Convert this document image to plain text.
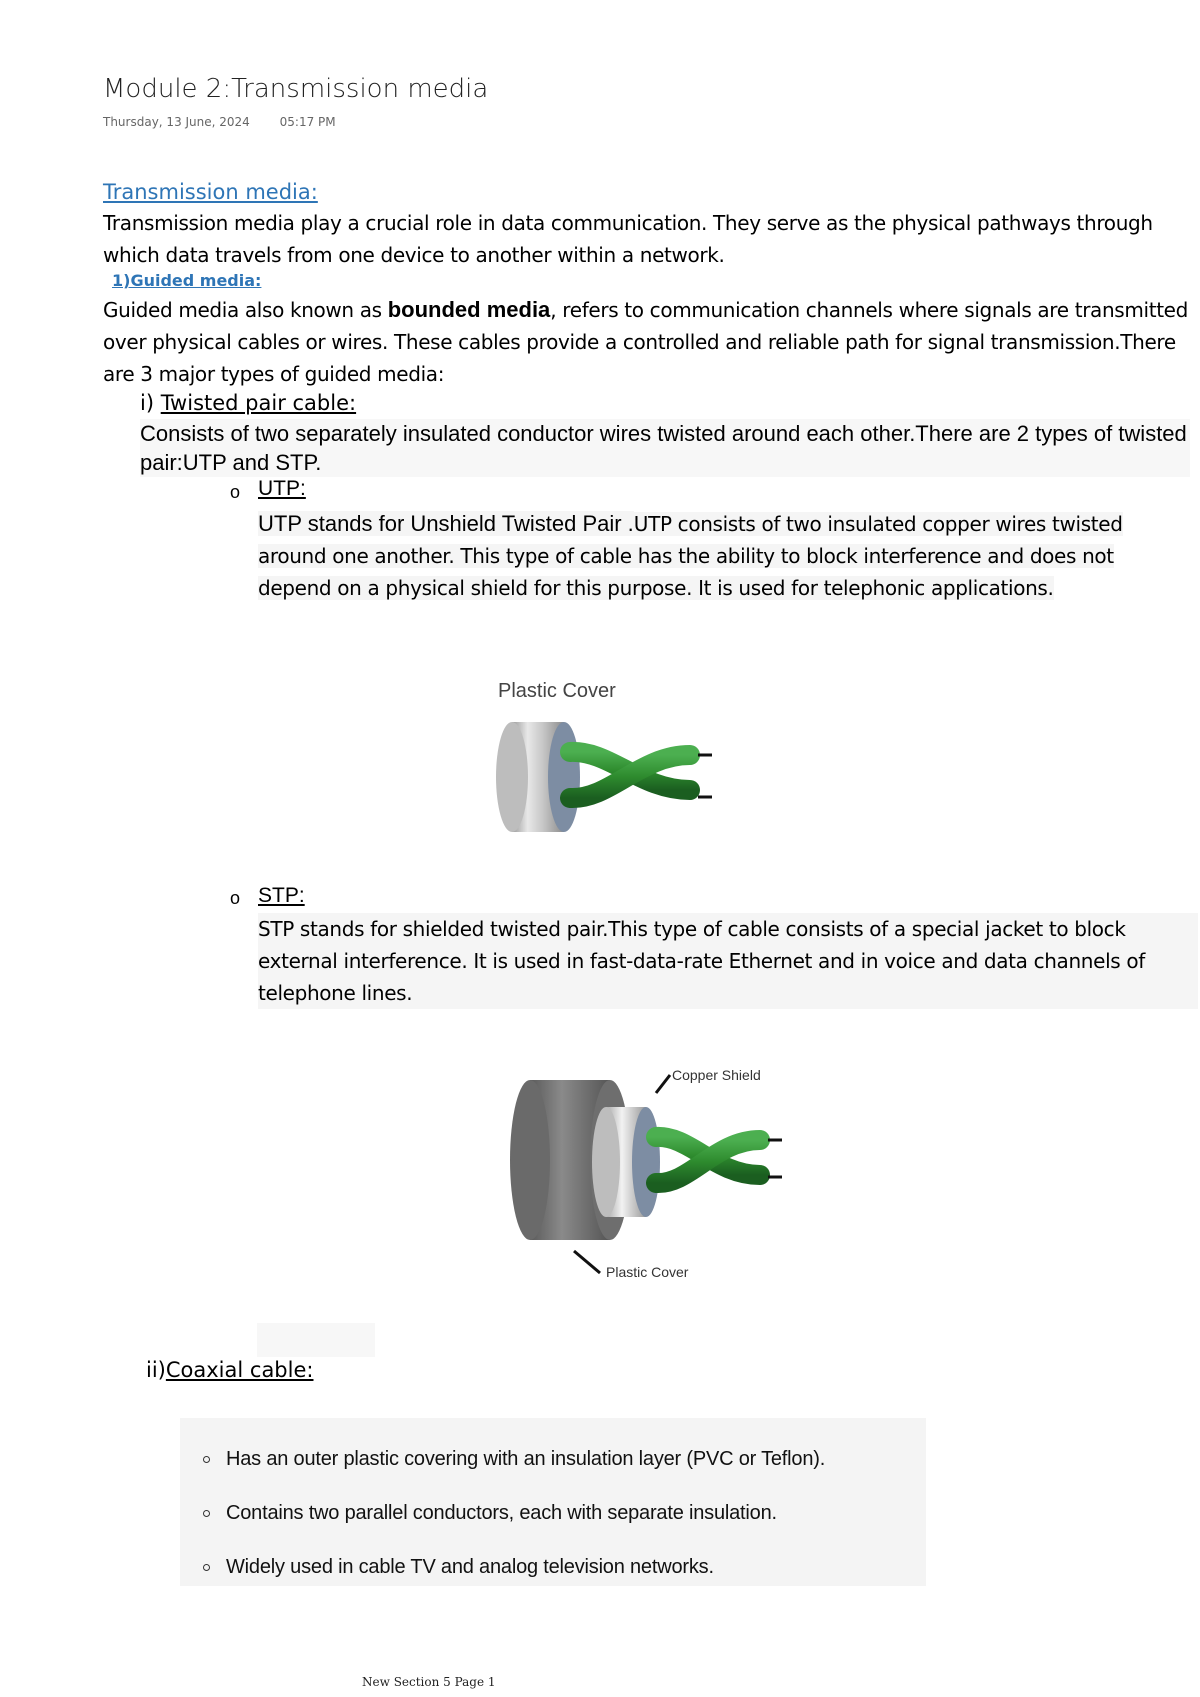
Module 2:Transmission media
Thursday, 13 June, 2024 05:17 PM
Transmission media:
Transmission media play a crucial role in data communication. They serve as the physical pathways through which data travels from one device to another within a network.
1)Guided media:
Guided media also known as bounded media, refers to communication channels where signals are transmitted over physical cables or wires. These cables provide a controlled and reliable path for signal transmission.There are 3 major types of guided media:
i) Twisted pair cable:
Consists of two separately insulated conductor wires twisted around each other.There are 2 types of twisted pair:UTP and STP.
o UTP:
UTP stands for Unshield Twisted Pair .UTP consists of two insulated copper wires twisted around one another. This type of cable has the ability to block interference and does not depend on a physical shield for this purpose. It is used for telephonic applications.
Plastic Cover
o STP:
STP stands for shielded twisted pair.This type of cable consists of a special jacket to block external interference. It is used in fast-data-rate Ethernet and in voice and data channels of telephone lines.
Copper Shield
Plastic Cover
ii)Coaxial cable:
Has an outer plastic covering with an insulation layer (PVC or Teflon).
Contains two parallel conductors, each with separate insulation.
Widely used in cable TV and analog television networks.
New Section 5 Page 1
